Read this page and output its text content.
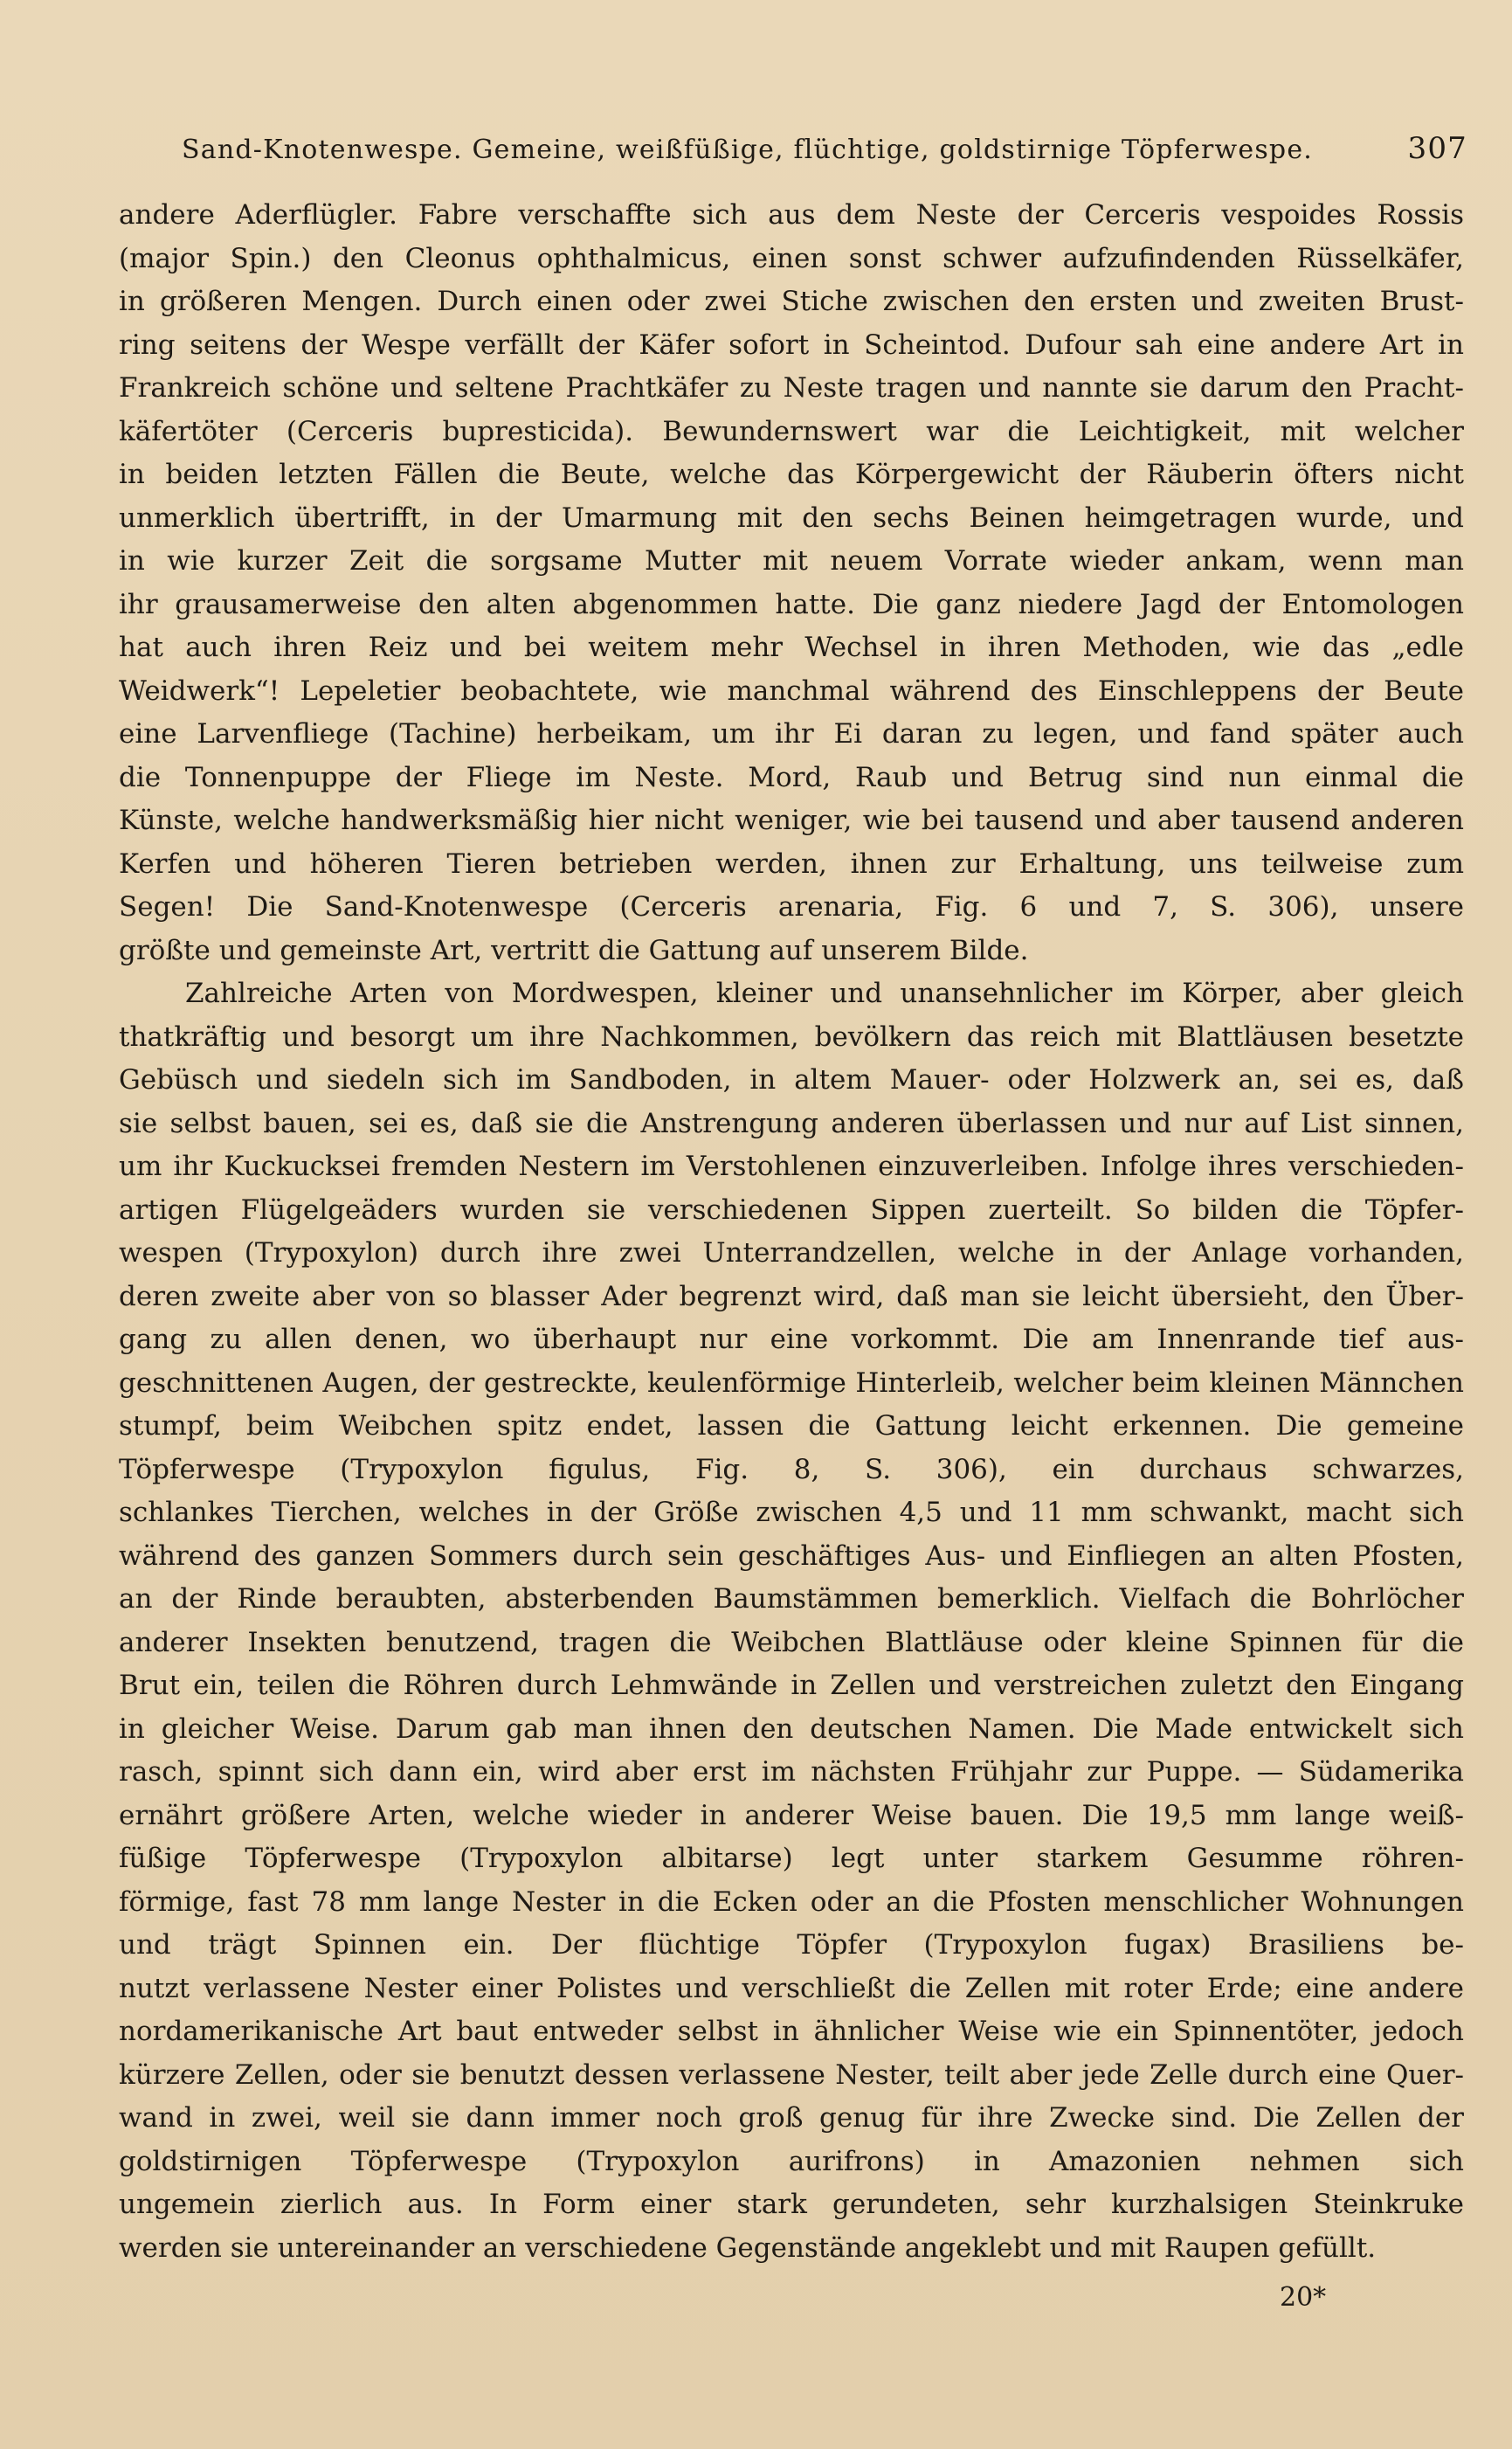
Sand-Knotenwespe. Gemeine, weißfüßige, flüchtige, goldstirnige Töpferwespe.	307
andere Aderflügler. Fabre verschaffte sich aus dem Neste der Cerceris vespoides Rossis
(major Spin.) den Cleonus ophthalmicus, einen sonst schwer aufzufindenden Rüsselkäfer,
in größeren Mengen. Durch einen oder zwei Stiche zwischen den ersten und zweiten Brust-
ring seitens der Wespe verfällt der Käfer sofort in Scheintod. Dufour sah eine andere Art in
Frankreich schöne und seltene Prachtkäfer zu Neste tragen und nannte sie darum den Pracht-
käfertöter (Cerceris bupresticida). Bewundernswert war die Leichtigkeit, mit welcher
in beiden letzten Fällen die Beute, welche das Körpergewicht der Räuberin öfters nicht
unmerklich übertrifft, in der Umarmung mit den sechs Beinen heimgetragen wurde, und
in wie kurzer Zeit die sorgsame Mutter mit neuem Vorrate wieder ankam, wenn man
ihr grausamerweise den alten abgenommen hatte. Die ganz niedere Jagd der Entomologen
hat auch ihren Reiz und bei weitem mehr Wechsel in ihren Methoden, wie das „edle
Weidwerk“! Lepeletier beobachtete, wie manchmal während des Einschleppens der Beute
eine Larvenfliege (Tachine) herbeikam, um ihr Ei daran zu legen, und fand später auch
die Tonnenpuppe der Fliege im Neste. Mord, Raub und Betrug sind nun einmal die
Künste, welche handwerksmäßig hier nicht weniger, wie bei tausend und aber tausend anderen
Kerfen und höheren Tieren betrieben werden, ihnen zur Erhaltung, uns teilweise zum
Segen! Die Sand-Knotenwespe (Cerceris arenaria, Fig. 6 und 7, S. 306), unsere
größte und gemeinste Art, vertritt die Gattung auf unserem Bilde.
Zahlreiche Arten von Mordwespen, kleiner und unansehnlicher im Körper, aber gleich
thatkräftig und besorgt um ihre Nachkommen, bevölkern das reich mit Blattläusen besetzte
Gebüsch und siedeln sich im Sandboden, in altem Mauer- oder Holzwerk an, sei es, daß
sie selbst bauen, sei es, daß sie die Anstrengung anderen überlassen und nur auf List sinnen,
um ihr Kuckucksei fremden Nestern im Verstohlenen einzuverleiben. Infolge ihres verschieden-
artigen Flügelgeäders wurden sie verschiedenen Sippen zuerteilt. So bilden die Töpfer-
wespen (Trypoxylon) durch ihre zwei Unterrandzellen, welche in der Anlage vorhanden,
deren zweite aber von so blasser Ader begrenzt wird, daß man sie leicht übersieht, den Über-
gang zu allen denen, wo überhaupt nur eine vorkommt. Die am Innenrande tief aus-
geschnittenen Augen, der gestreckte, keulenförmige Hinterleib, welcher beim kleinen Männchen
stumpf, beim Weibchen spitz endet, lassen die Gattung leicht erkennen. Die gemeine
Töpferwespe (Trypoxylon figulus, Fig. 8, S. 306), ein durchaus schwarzes,
schlankes Tierchen, welches in der Größe zwischen 4,5 und 11 mm schwankt, macht sich
während des ganzen Sommers durch sein geschäftiges Aus- und Einfliegen an alten Pfosten,
an der Rinde beraubten, absterbenden Baumstämmen bemerklich. Vielfach die Bohrlöcher
anderer Insekten benutzend, tragen die Weibchen Blattläuse oder kleine Spinnen für die
Brut ein, teilen die Röhren durch Lehmwände in Zellen und verstreichen zuletzt den Eingang
in gleicher Weise. Darum gab man ihnen den deutschen Namen. Die Made entwickelt sich
rasch, spinnt sich dann ein, wird aber erst im nächsten Frühjahr zur Puppe. — Südamerika
ernährt größere Arten, welche wieder in anderer Weise bauen. Die 19,5 mm lange weiß-
füßige Töpferwespe (Trypoxylon albitarse) legt unter starkem Gesumme röhren-
förmige, fast 78 mm lange Nester in die Ecken oder an die Pfosten menschlicher Wohnungen
und trägt Spinnen ein. Der flüchtige Töpfer (Trypoxylon fugax) Brasiliens be-
nutzt verlassene Nester einer Polistes und verschließt die Zellen mit roter Erde; eine andere
nordamerikanische Art baut entweder selbst in ähnlicher Weise wie ein Spinnentöter, jedoch
kürzere Zellen, oder sie benutzt dessen verlassene Nester, teilt aber jede Zelle durch eine Quer-
wand in zwei, weil sie dann immer noch groß genug für ihre Zwecke sind. Die Zellen der
goldstirnigen Töpferwespe (Trypoxylon aurifrons) in Amazonien nehmen sich
ungemein zierlich aus. In Form einer stark gerundeten, sehr kurzhalsigen Steinkruke
werden sie untereinander an verschiedene Gegenstände angeklebt und mit Raupen gefüllt.
20*
